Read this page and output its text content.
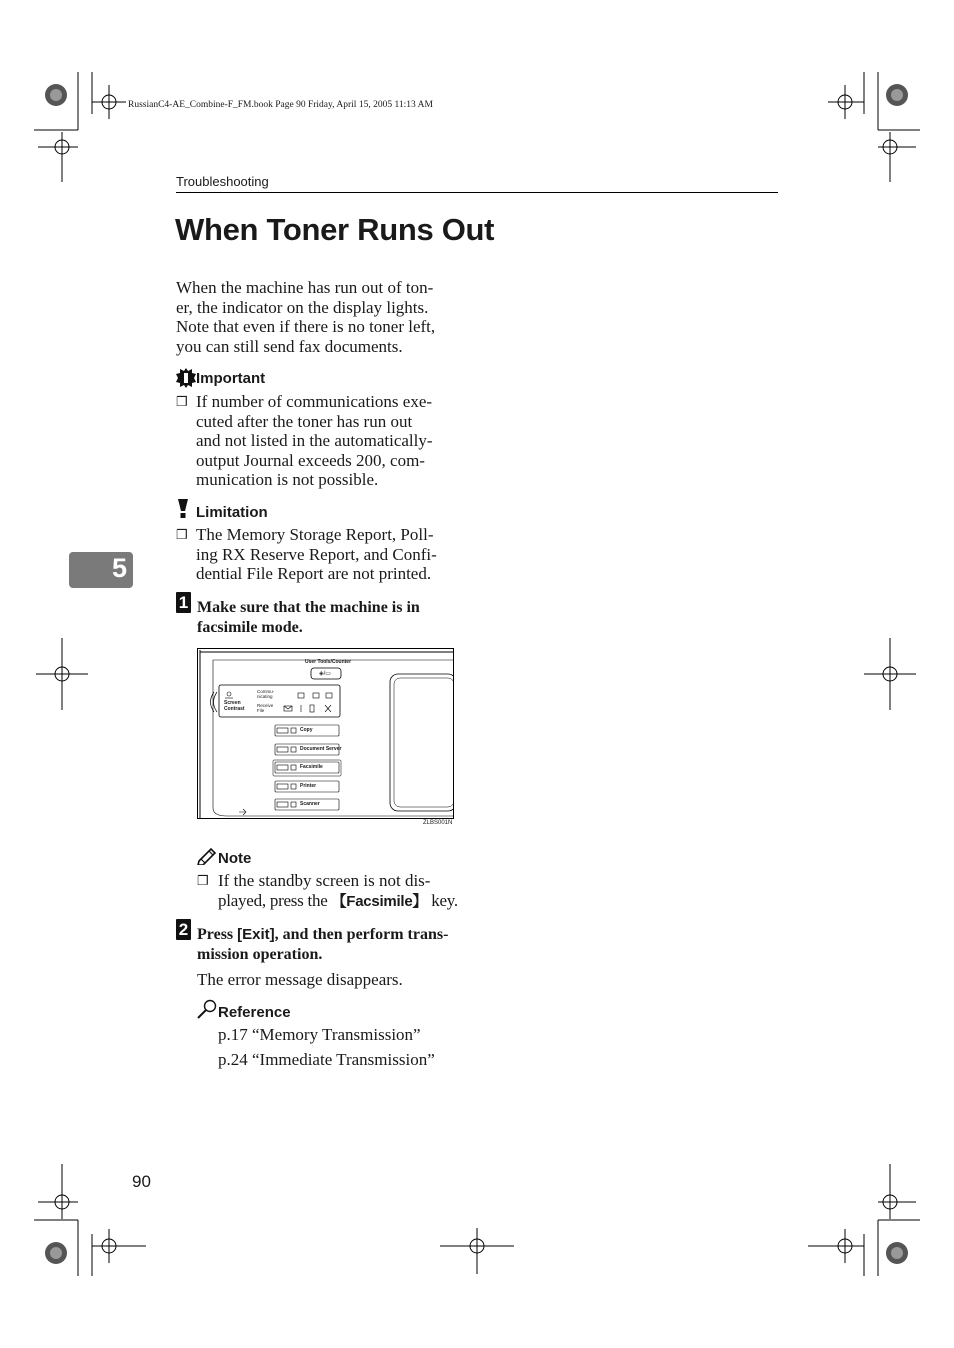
RussianC4-AE_Combine-F_FM.book Page 90 Friday, April 15, 2005 11:13 AM
Troubleshooting
When Toner Runs Out
When the machine has run out of ton-
er, the indicator on the display lights.
Note that even if there is no toner left,
you can still send fax documents.
Important
❒ If number of communications exe-
cuted after the toner has run out
and not listed in the automatically-
output Journal exceeds 200, com-
munication is not possible.
Limitation
❒ The Memory Storage Report, Poll-
ing RX Reserve Report, and Confi-
dential File Report are not printed.
5
1 Make sure that the machine is in
facsimile mode.
User Tools/Counter
◈/▭
Screen
Contrast
Commu-
nicating
Receive
File
Copy
Document Server
Facsimile
Printer
Scanner
ZLBS001N
Note
❒ If the standby screen is not dis-
played, press the 【Facsimile】 key.
2 Press [Exit], and then perform trans-
mission operation.
The error message disappears.
Reference
p.17 “Memory Transmission”
p.24 “Immediate Transmission”
90
